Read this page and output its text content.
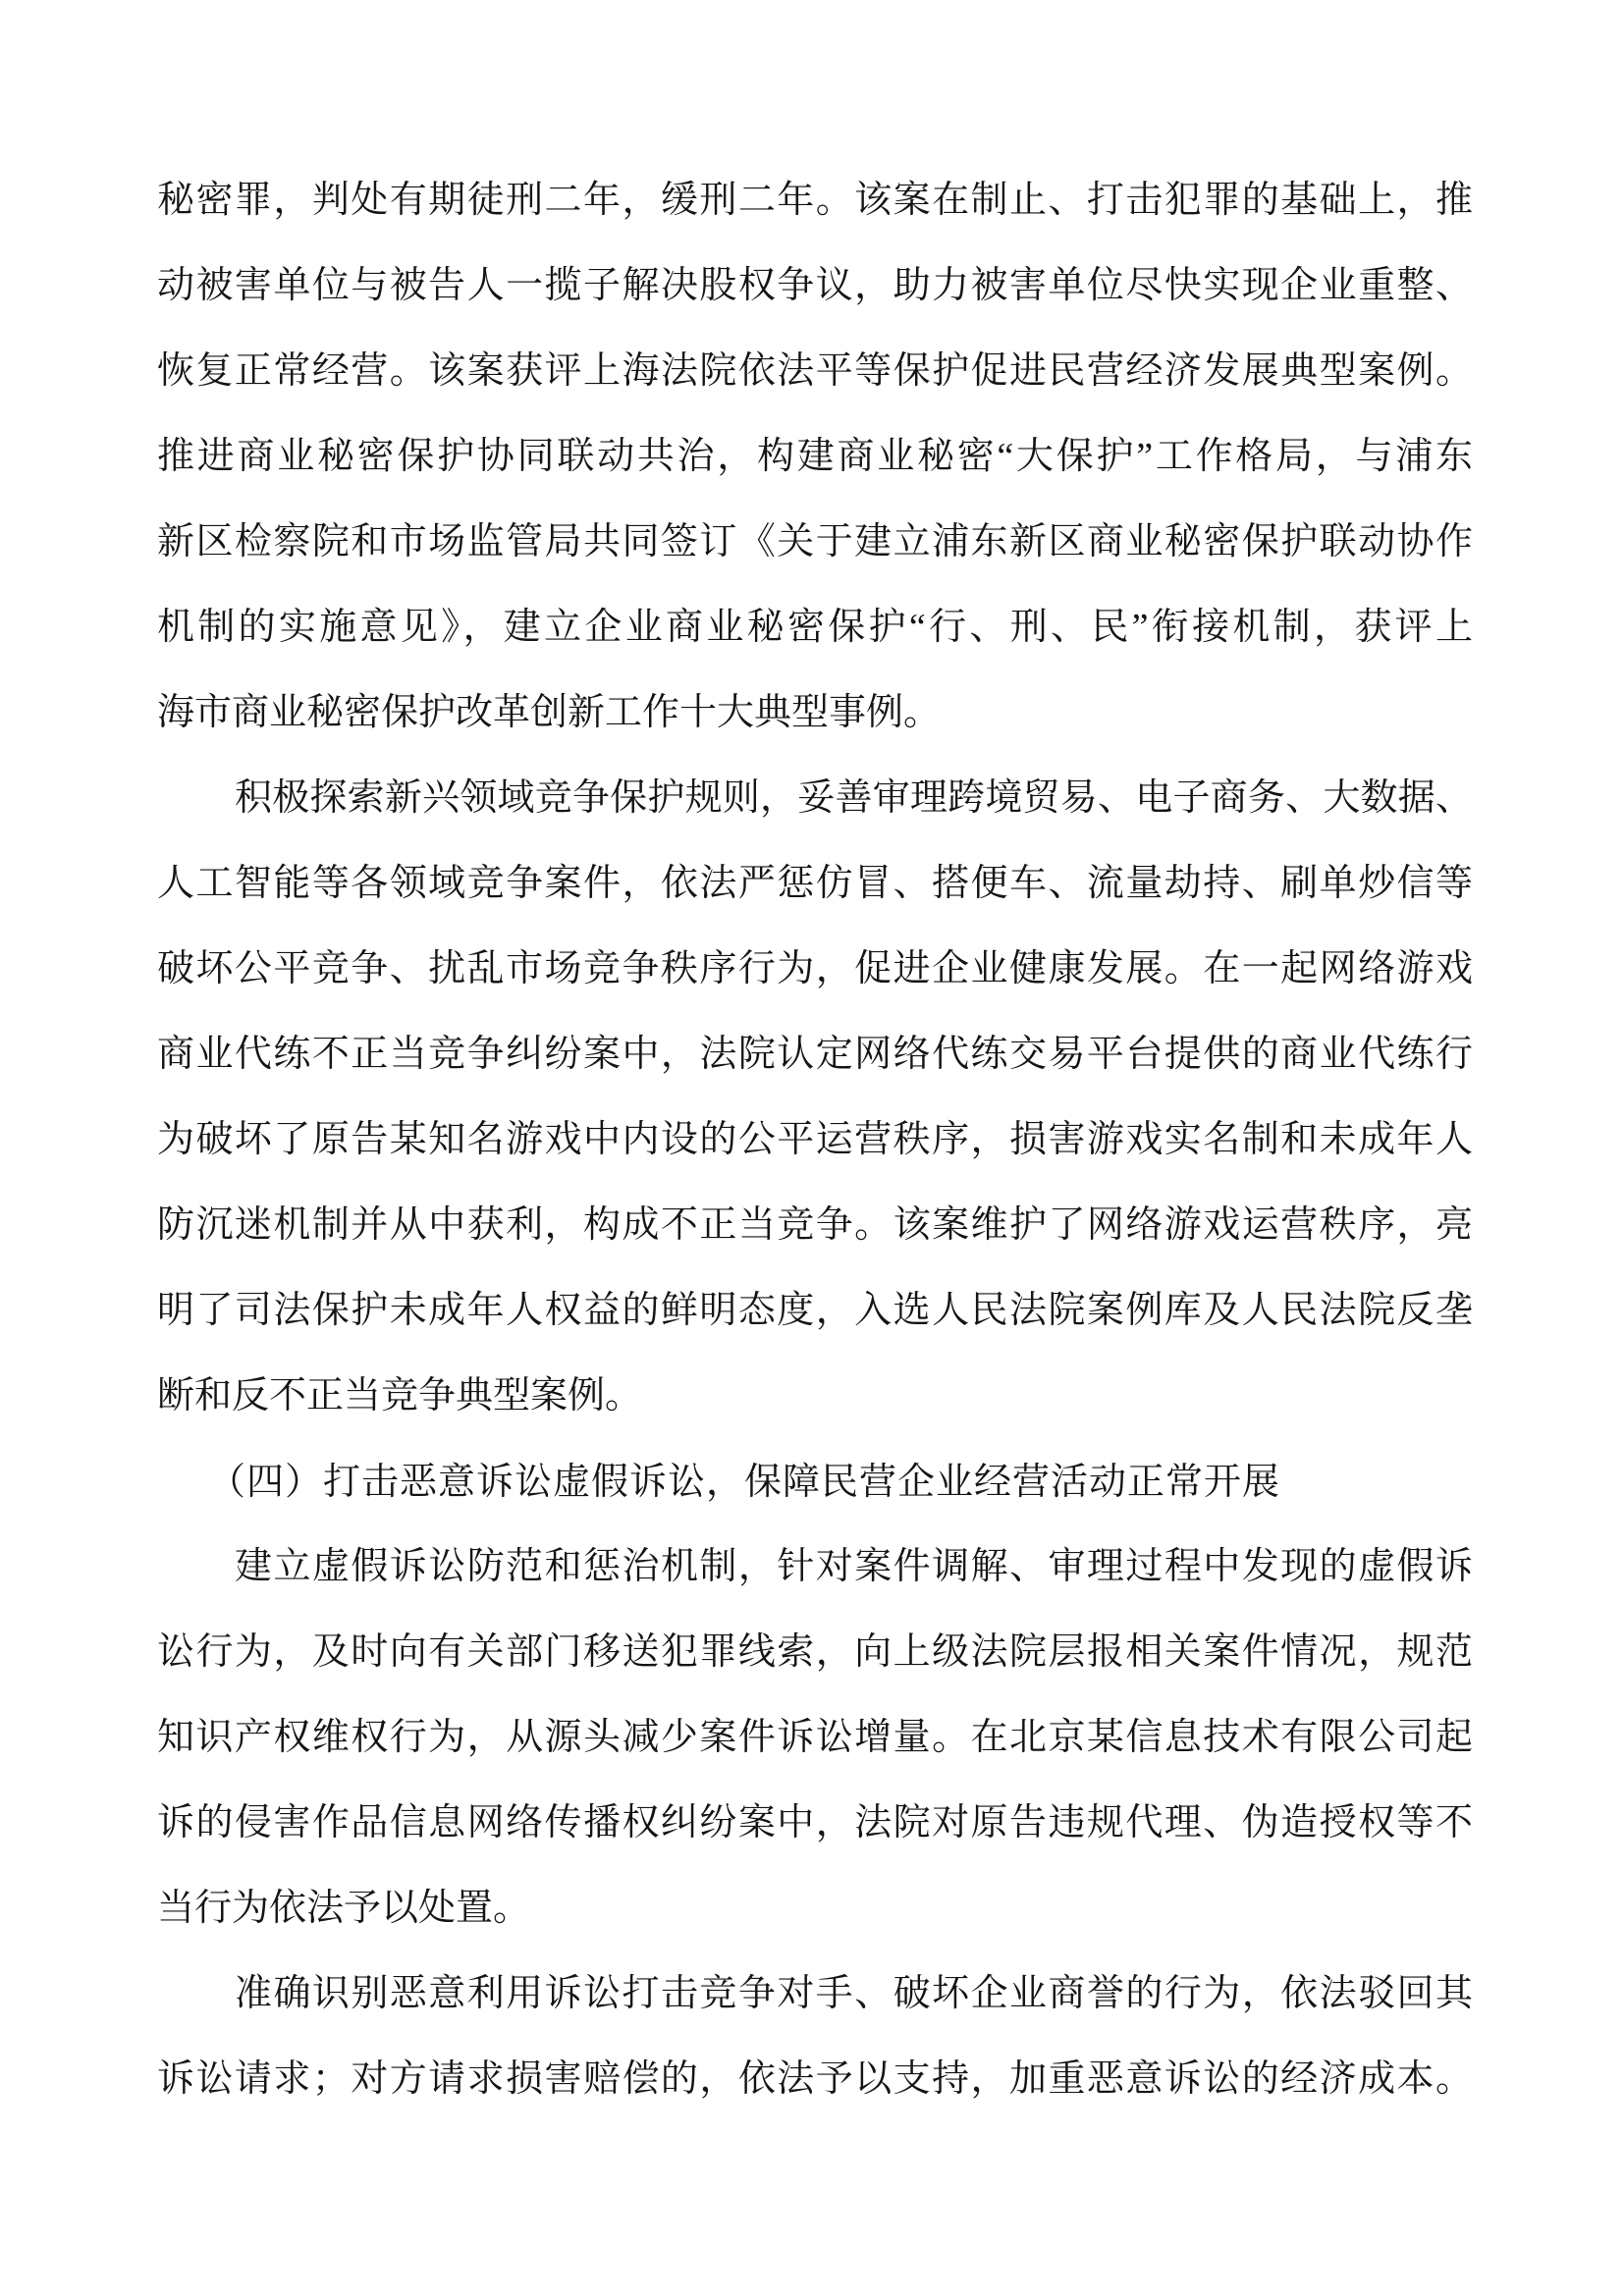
秘密罪，判处有期徒刑二年，缓刑二年。该案在制止、打击犯罪的基础上，推
动被害单位与被告人一揽子解决股权争议，助力被害单位尽快实现企业重整、
恢复正常经营。该案获评上海法院依法平等保护促进民营经济发展典型案例。
推进商业秘密保护协同联动共治，构建商业秘密“大保护”工作格局，与浦东
新区检察院和市场监管局共同签订《关于建立浦东新区商业秘密保护联动协作
机制的实施意见》，建立企业商业秘密保护“行、刑、民”衔接机制，获评上
海市商业秘密保护改革创新工作十大典型事例。
积极探索新兴领域竞争保护规则，妥善审理跨境贸易、电子商务、大数据、
人工智能等各领域竞争案件，依法严惩仿冒、搭便车、流量劫持、刷单炒信等
破坏公平竞争、扰乱市场竞争秩序行为，促进企业健康发展。在一起网络游戏
商业代练不正当竞争纠纷案中，法院认定网络代练交易平台提供的商业代练行
为破坏了原告某知名游戏中内设的公平运营秩序，损害游戏实名制和未成年人
防沉迷机制并从中获利，构成不正当竞争。该案维护了网络游戏运营秩序，亮
明了司法保护未成年人权益的鲜明态度，入选人民法院案例库及人民法院反垄
断和反不正当竞争典型案例。
（四）打击恶意诉讼虚假诉讼，保障民营企业经营活动正常开展
建立虚假诉讼防范和惩治机制，针对案件调解、审理过程中发现的虚假诉
讼行为，及时向有关部门移送犯罪线索，向上级法院层报相关案件情况，规范
知识产权维权行为，从源头减少案件诉讼增量。在北京某信息技术有限公司起
诉的侵害作品信息网络传播权纠纷案中，法院对原告违规代理、伪造授权等不
当行为依法予以处置。
准确识别恶意利用诉讼打击竞争对手、破坏企业商誉的行为，依法驳回其
诉讼请求；对方请求损害赔偿的，依法予以支持，加重恶意诉讼的经济成本。
